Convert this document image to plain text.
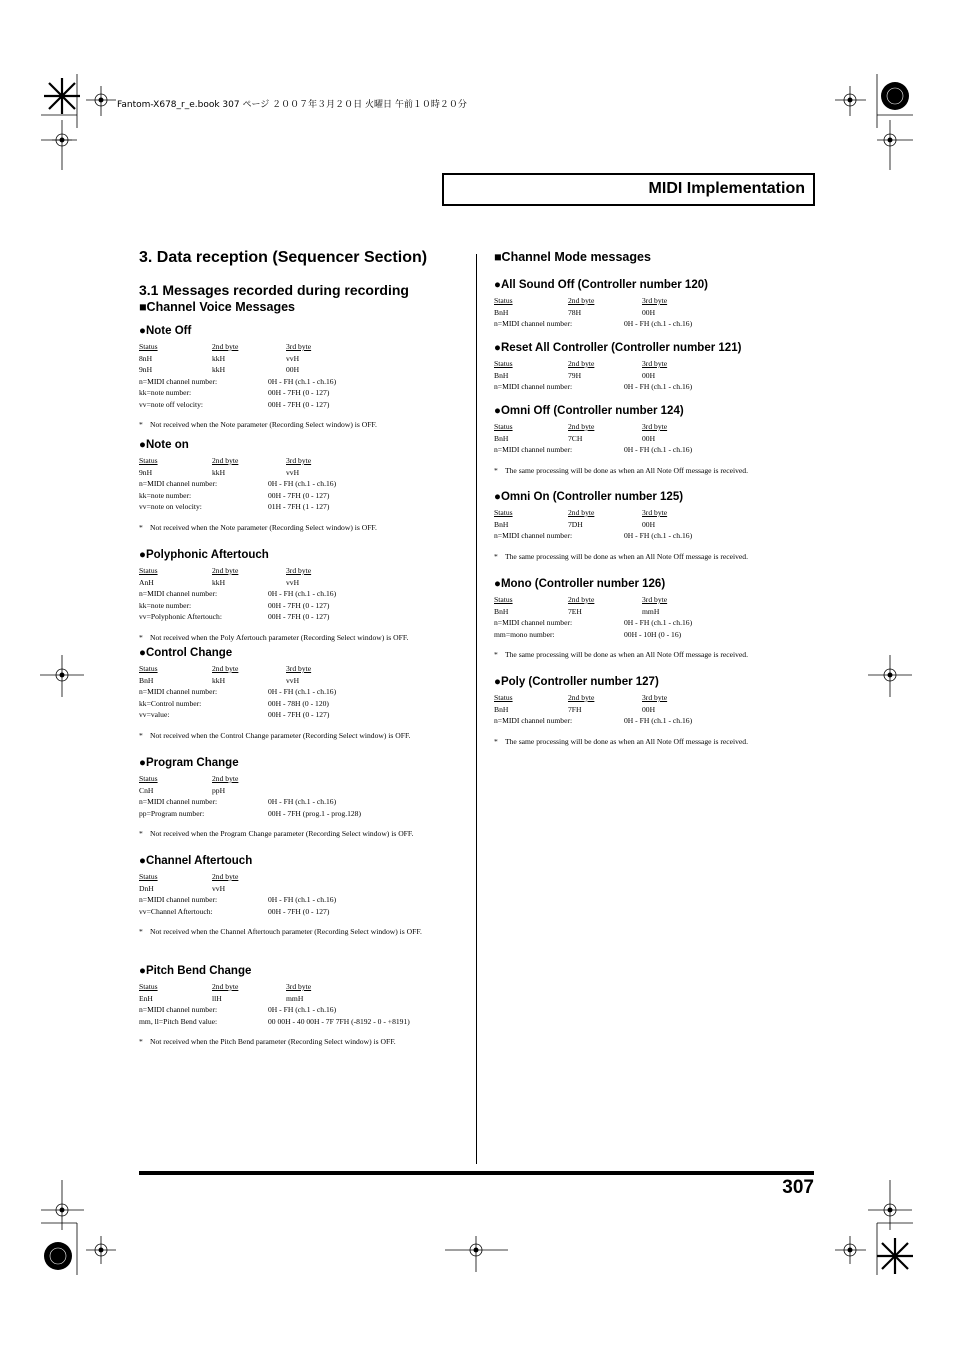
Fantom-X678_r_e.book 307 ページ ２００７年３月２０日 火曜日 午前１０時２０分
MIDI Implementation
3. Data reception (Sequencer Section)
3.1 Messages recorded during recording
■Channel Voice Messages
■Channel Mode messages
307
●Note Off
Status	2nd byte	3rd byte
8nH	kkH	vvH
9nH	kkH	00H
n=MIDI channel number:	0H - FH (ch.1 - ch.16)
kk=note number:	00H - 7FH (0 - 127)
vv=note off velocity:	00H - 7FH (0 - 127)
* Not received when the Note parameter (Recording Select window) is OFF.
●Note on
Status	2nd byte	3rd byte
9nH	kkH	vvH
n=MIDI channel number:	0H - FH (ch.1 - ch.16)
kk=note number:	00H - 7FH (0 - 127)
vv=note on velocity:	01H - 7FH (1 - 127)
* Not received when the Note parameter (Recording Select window) is OFF.
●Polyphonic Aftertouch
Status	2nd byte	3rd byte
AnH	kkH	vvH
n=MIDI channel number:	0H - FH (ch.1 - ch.16)
kk=note number:	00H - 7FH (0 - 127)
vv=Polyphonic Aftertouch:	00H - 7FH (0 - 127)
* Not received when the Poly Afertouch parameter (Recording Select window) is OFF.
●Control Change
Status	2nd byte	3rd byte
BnH	kkH	vvH
n=MIDI channel number:	0H - FH (ch.1 - ch.16)
kk=Control number:	00H - 78H (0 - 120)
vv=value:	00H - 7FH (0 - 127)
* Not received when the Control Change parameter (Recording Select window) is OFF.
●Program Change
Status	2nd byte
CnH	ppH
n=MIDI channel number:	0H - FH (ch.1 - ch.16)
pp=Program number:	00H - 7FH (prog.1 - prog.128)
* Not received when the Program Change parameter (Recording Select window) is OFF.
●Channel Aftertouch
Status	2nd byte
DnH	vvH
n=MIDI channel number:	0H - FH (ch.1 - ch.16)
vv=Channel Aftertouch:	00H - 7FH (0 - 127)
* Not received when the Channel Aftertouch parameter (Recording Select window) is OFF.
●Pitch Bend Change
Status	2nd byte	3rd byte
EnH	llH	mmH
n=MIDI channel number:	0H - FH (ch.1 - ch.16)
mm, ll=Pitch Bend value:	00 00H - 40 00H - 7F 7FH (-8192 - 0 - +8191)
* Not received when the Pitch Bend parameter (Recording Select window) is OFF.
●All Sound Off (Controller number 120)
Status	2nd byte	3rd byte
BnH	78H	00H
n=MIDI channel number:	0H - FH (ch.1 - ch.16)
●Reset All Controller (Controller number 121)
Status	2nd byte	3rd byte
BnH	79H	00H
n=MIDI channel number:	0H - FH (ch.1 - ch.16)
●Omni Off (Controller number 124)
Status	2nd byte	3rd byte
BnH	7CH	00H
n=MIDI channel number:	0H - FH (ch.1 - ch.16)
* The same processing will be done as when an All Note Off message is received.
●Omni On (Controller number 125)
Status	2nd byte	3rd byte
BnH	7DH	00H
n=MIDI channel number:	0H - FH (ch.1 - ch.16)
* The same processing will be done as when an All Note Off message is received.
●Mono (Controller number 126)
Status	2nd byte	3rd byte
BnH	7EH	mmH
n=MIDI channel number:	0H - FH (ch.1 - ch.16)
mm=mono number:	00H - 10H (0 - 16)
* The same processing will be done as when an All Note Off message is received.
●Poly (Controller number 127)
Status	2nd byte	3rd byte
BnH	7FH	00H
n=MIDI channel number:	0H - FH (ch.1 - ch.16)
* The same processing will be done as when an All Note Off message is received.
